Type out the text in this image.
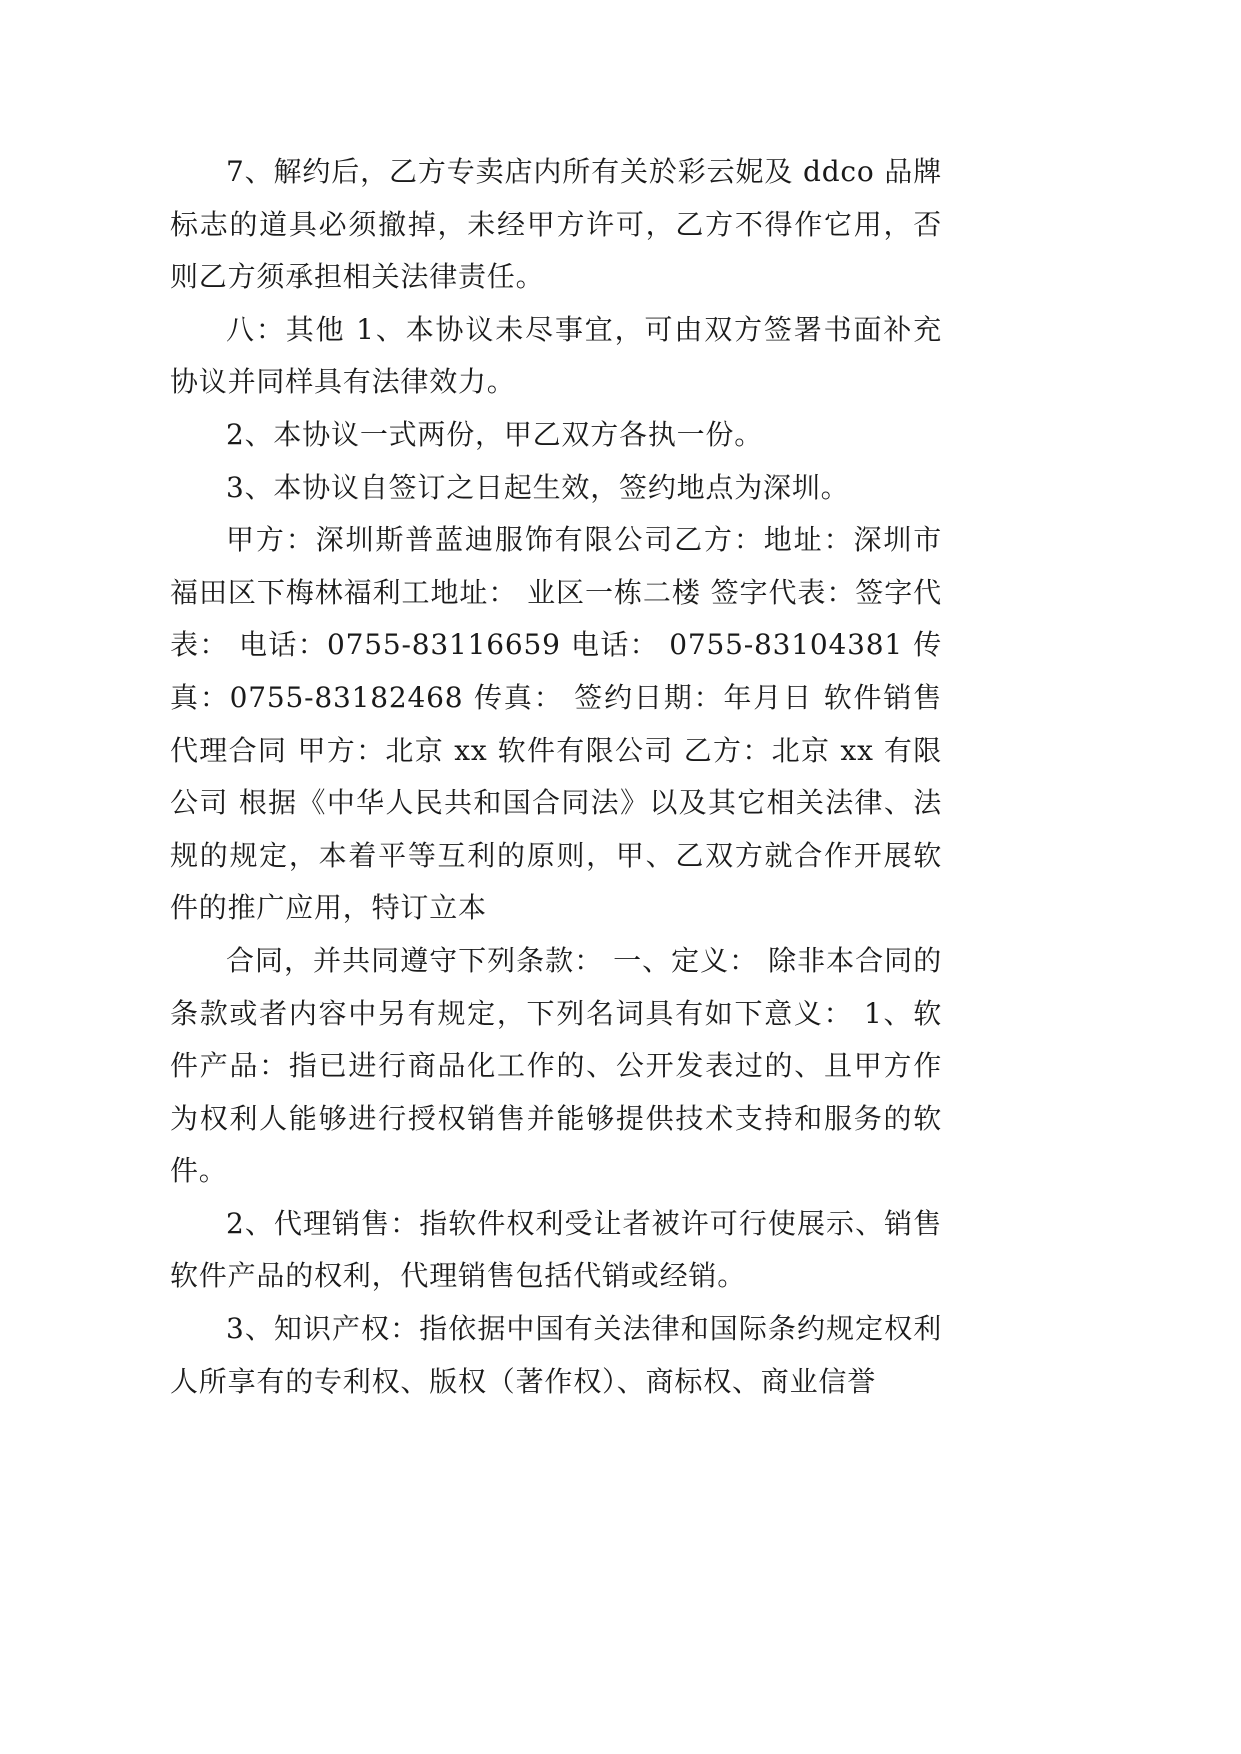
7、解约后，乙方专卖店内所有关於彩云妮及 ddco 品牌标志的道具必须撤掉，未经甲方许可，乙方不得作它用，否则乙方须承担相关法律责任。

八：其他 1、本协议未尽事宜，可由双方签署书面补充协议并同样具有法律效力。

2、本协议一式两份，甲乙双方各执一份。

3、本协议自签订之日起生效，签约地点为深圳。

甲方：深圳斯普蓝迪服饰有限公司乙方：地址：深圳市福田区下梅林福利工地址： 业区一栋二楼 签字代表：签字代表： 电话：0755-83116659 电话： 0755-83104381 传真：0755-83182468 传真： 签约日期：年月日 软件销售代理合同 甲方：北京 xx 软件有限公司 乙方：北京 xx 有限公司 根据《中华人民共和国合同法》以及其它相关法律、法规的规定，本着平等互利的原则，甲、乙双方就合作开展软件的推广应用，特订立本

合同，并共同遵守下列条款： 一、定义： 除非本合同的条款或者内容中另有规定，下列名词具有如下意义： 1、软件产品：指已进行商品化工作的、公开发表过的、且甲方作为权利人能够进行授权销售并能够提供技术支持和服务的软件。

2、代理销售：指软件权利受让者被许可行使展示、销售软件产品的权利，代理销售包括代销或经销。

3、知识产权：指依据中国有关法律和国际条约规定权利人所享有的专利权、版权（著作权）、商标权、商业信誉
